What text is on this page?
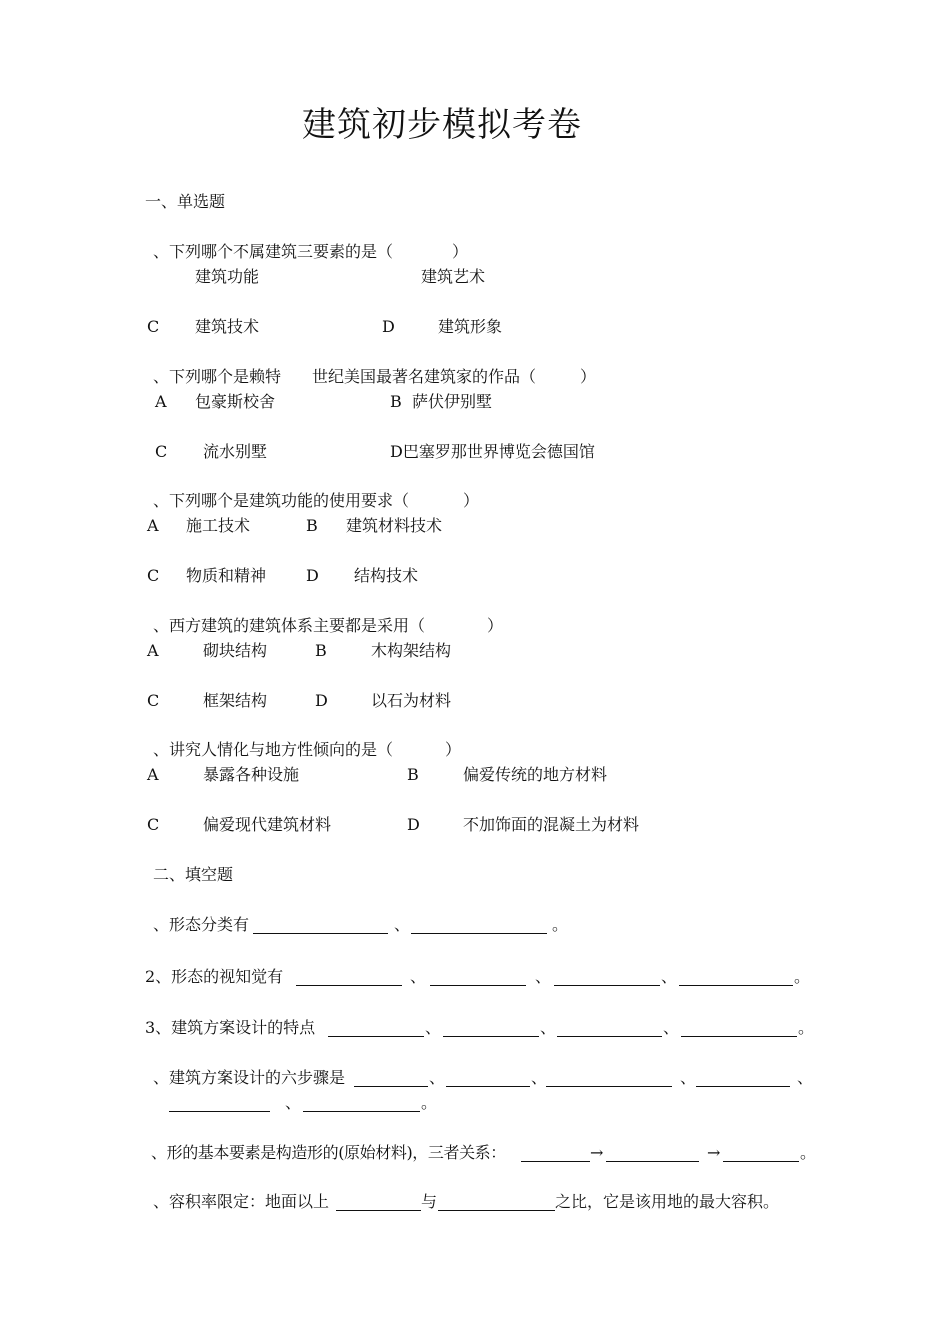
建筑初步模拟考卷
一、单选题
、下列哪个不属建筑三要素的是（	）
建筑功能	建筑艺术
C 建筑技术	D	建筑形象
、下列哪个是赖特 世纪美国最著名建筑家的作品（	）
A 包豪斯校舍	B 萨伏伊别墅
C 流水别墅	D巴塞罗那世界博览会德国馆
、下列哪个是建筑功能的使用要求（	）
A 施工技术	B 建筑材料技术
C 物质和精神 D 结构技术
、西方建筑的建筑体系主要都是采用（	）
A	砌块结构	B	木构架结构
C	框架结构	D	以石为材料
、讲究人情化与地方性倾向的是（	）
A	暴露各种设施	B	偏爱传统的地方材料
C	偏爱现代建筑材料	D	不加饰面的混凝土为材料
二、填空题
、形态分类有	、	。
2、形态的视知觉有	、	、	、	。
3、建筑方案设计的特点	、	、	、	。
、建筑方案设计的六步骤是	、	、	、	、
、	。
、形的基本要素是构造形的(原始材料)，三者关系：	→	→	。
、容积率限定：地面以上	与	之比，它是该用地的最大容积。
